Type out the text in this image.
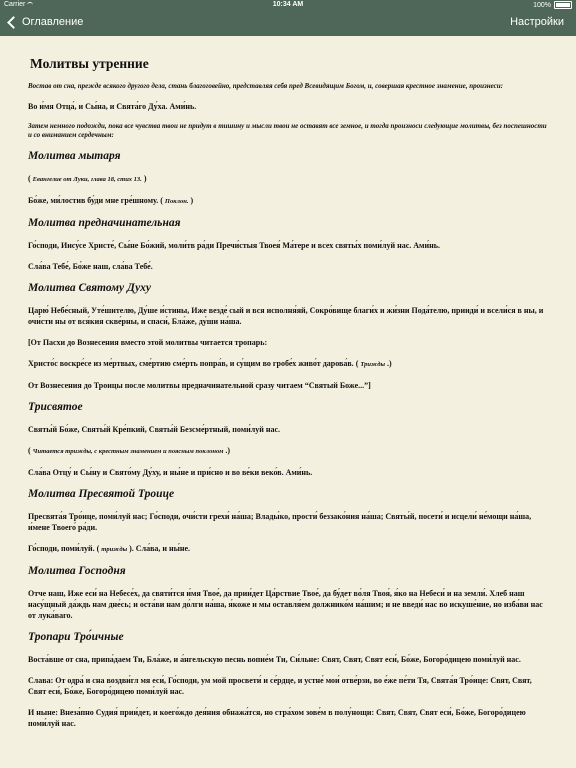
Carrier	10:34 AM	100%
Оглавление	Настройки
Молитвы утренние
Востав от сна, прежде всякого другого дела, стань благоговейно, представляя себя пред Всевидящим Богом, и, совершая крестное знамение, произнеси:
Во и́мя Отца́, и Сы́на, и Свята́го Ду́ха. Ами́нь.
Затем немного подожди, пока все чувства твои не придут в тишину и мысли твои не оставят все земное, и тогда произноси следующие молитвы, без поспешности и со вниманием сердечным:
Молитва мытаря
( Евангелие от Луки, глава 18, стих 13. )
Бо́же, ми́лостив бу́ди мне гре́шному. ( Поклон. )
Молитва предначинательная
Го́споди, Иису́се Христе́, Сы́не Бо́жий, моли́тв ра́ди Пречи́стыя Твоея́ Ма́тере и всех святы́х поми́луй нас. Ами́нь.
Сла́ва Тебе́, Бо́же наш, сла́ва Тебе́.
Молитва Святому Духу
Царю́ Небе́сный, Уте́шителю, Ду́ше и́стины, Иже везде́ сый и вся исполня́яй, Сокро́вище благи́х и жи́зни Пода́телю, прииди́ и всели́ся в ны, и очи́сти ны от вся́кия скве́рны, и спаси́, Бла́же, ду́ши на́ша.
[От Пасхи до Вознесения вместо этой молитвы читается тропарь:
Христо́с воскре́се из ме́ртвых, сме́ртию сме́рть попра́в, и су́щим во гробе́х живо́т дарова́в. ( Трижды .)
От Вознесения до Троицы после молитвы предначинательной сразу читаем “Святый Боже...”]
Трисвятое
Святы́й Бо́же, Святы́й Кре́пкий, Святы́й Безсме́ртный, поми́луй нас.
( Читается трижды, с крестным знамением и поясным поклоном .)
Сла́ва Отцу́ и Сы́ну и Свято́му Ду́ху, и ны́не и при́сно и во ве́ки веко́в. Ами́нь.
Молитва Пресвятой Троице
Пресвята́я Тро́ице, поми́луй нас; Го́споди, очи́сти грехи́ на́ша; Влады́ко, прости́ беззако́ния на́ша; Святы́й, посети́ и исцели́ не́мощи на́ша, и́мене Твоего́ ра́ди.
Го́споди, поми́луй. ( трижды ). Сла́ва, и ны́не.
Молитва Господня
Отче наш, Иже еси́ на Небесе́х, да святи́тся и́мя Твое́, да прии́дет Ца́рствие Твое́, да бу́дет во́ля Твоя́, я́ко на Небеси́ и на земли́. Хлеб наш насу́щный да́ждь нам дне́сь; и оста́ви нам до́лги на́ша, я́коже и мы оставля́ем должнико́м на́шим; и не введи́ нас во искуше́ние, но изба́ви нас от лука́ваго.
Тропари Тро́ичные
Воста́вше от сна, припа́даем Ти, Бла́же, и а́нгельскую песнь вопие́м Ти, Си́льне: Свят, Свят, Свят еси́, Бо́же, Богоро́дицею поми́луй нас.
Слава: От одра́ и сна воздви́гл мя еси́, Го́споди, ум мой просвети́ и се́рдце, и устне́ мои́ отве́рзи, во е́же пе́ти Тя, Свята́я Тро́ице: Свят, Свят, Свят еси́, Бо́же, Богоро́дицею поми́луй нас.
И ныне: Внеза́пно Судия́ прии́дет, и коего́ждо дея́ния обнажа́тся, но стра́хом зове́м в полу́нощи: Свят, Свят, Свят еси́, Бо́же, Богоро́дицею поми́луй нас.
